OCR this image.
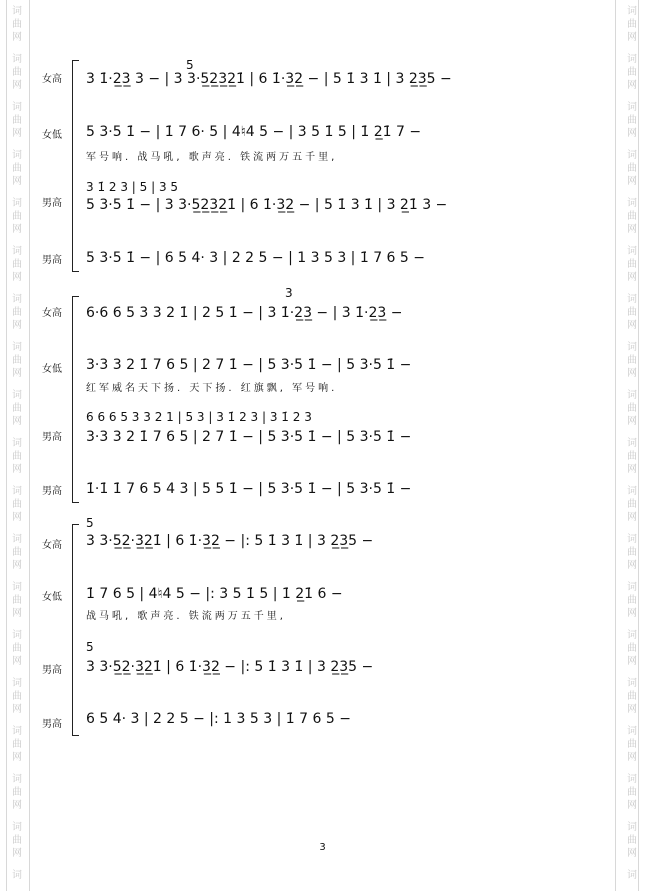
词
曲
网
词
曲
网
词
曲
网
词
曲
网
词
曲
网
词
曲
网
词
曲
网
词
曲
网
词
曲
网
词
曲
网
词
曲
网
词
曲
网
词
曲
网
词
曲
网
词
曲
网
词
曲
网
词
曲
网
词
曲
网
词
词
曲
网
词
曲
网
词
曲
网
词
曲
网
词
曲
网
词
曲
网
词
曲
网
词
曲
网
词
曲
网
词
曲
网
词
曲
网
词
曲
网
词
曲
网
词
曲
网
词
曲
网
词
曲
网
词
曲
网
词
曲
网
词
女高
5
3 1̇·2̲3̲ 3 − | 3 3·5̲2̲3̲2̲1̇ | 6 1̇·3̲2̲ − | 5 1̇ 3 1̇ | 3 2̲3̲5 −
女低	5 3·5 1̇ − | 1̇ 7 6· 5 | 4♮4 5 − | 3 5 1̇ 5 | 1̇ 2̲1̇ 7 −
军号响. 战马吼, 歌声亮. 铁流两万五千里,
男高
3 1̇ 2 3 | 5 | 3 5
5 3·5 1̇ − | 3 3·5̲2̲3̲2̲1̇ | 6 1̇·3̲2̲ − | 5 1̇ 3 1̇ | 3 2̲1̇ 3 −
男高	5 3·5 1̇ − | 6 5 4· 3 | 2 2 5 − | 1 3 5 3 | 1̇ 7 6 5 −
女高
3
6·6 6 5 3 3 2 1̇ | 2 5 1̇ − | 3 1̇·2̲3̲ − | 3 1̇·2̲3̲ −
女低	3·3 3 2 1̇ 7 6 5 | 2 7 1̇ − | 5 3·5 1̇ − | 5 3·5 1̇ −
红军威名天下扬. 天下扬. 红旗飘, 军号响.
男高
6 6 6 5 3 3 2 1 | 5 3 | 3 1̇ 2 3 | 3 1̇ 2 3
3·3 3 2 1̇ 7 6 5 | 2 7 1̇ − | 5 3·5 1̇ − | 5 3·5 1̇ −
男高	1̇·1̇ 1̇ 7 6 5 4 3 | 5 5 1̇ − | 5 3·5 1̇ − | 5 3·5 1̇ −
女高
5
3 3·5̲2̲·3̲2̲1̇ | 6 1̇·3̲2̲ − |: 5 1̇ 3 1̇ | 3 2̲3̲5 −
女低	1̇ 7 6 5 | 4♮4 5 − |: 3 5 1̇ 5 | 1̇ 2̲1̇ 6 −
战马吼, 歌声亮. 铁流两万五千里,
男高
5
3 3·5̲2̲·3̲2̲1̇ | 6 1̇·3̲2̲ − |: 5 1̇ 3 1̇ | 3 2̲3̲5 −
男高	6 5 4· 3 | 2 2 5 − |: 1 3 5 3 | 1̇ 7 6 5 −
3
